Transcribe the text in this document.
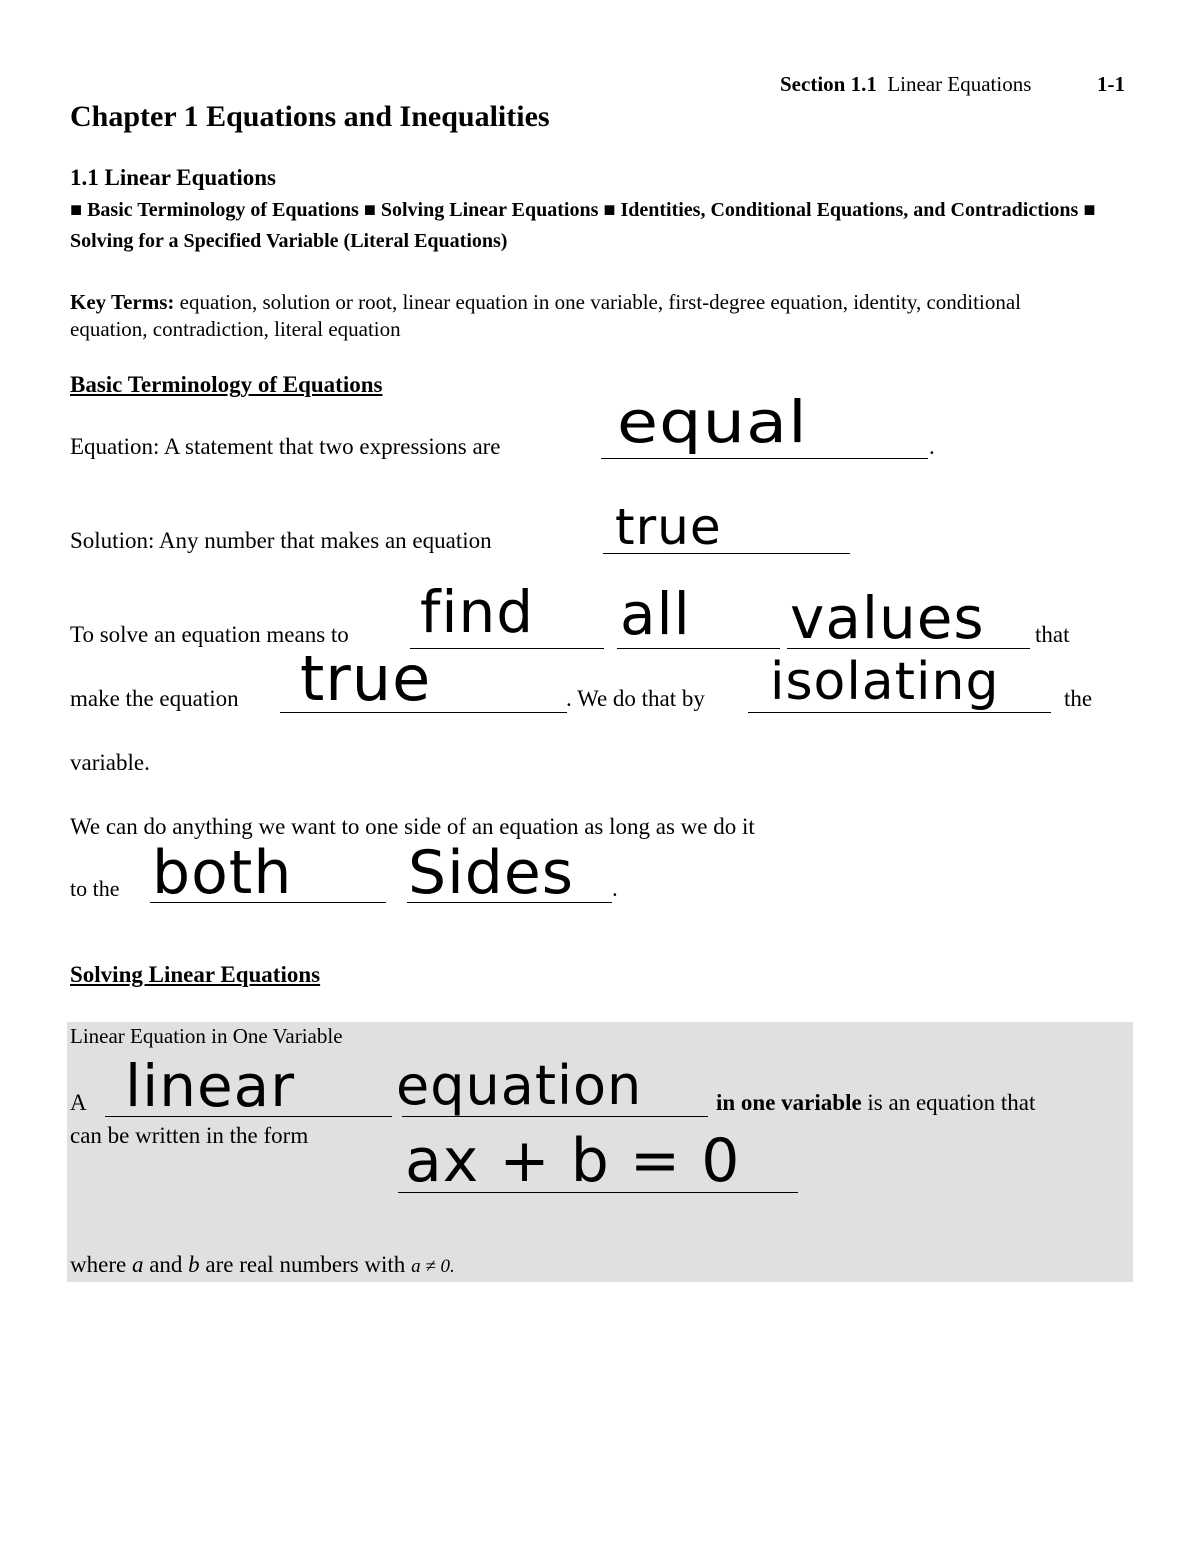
Section 1.1 Linear Equations	1-1
Chapter 1 Equations and Inequalities
1.1 Linear Equations
■ Basic Terminology of Equations ■ Solving Linear Equations ■ Identities, Conditional Equations, and Contradictions ■ Solving for a Specified Variable (Literal Equations)
Key Terms: equation, solution or root, linear equation in one variable, first-degree equation, identity, conditional equation, contradiction, literal equation
Basic Terminology of Equations
Equation: A statement that two expressions are equal	.
Solution: Any number that makes an equation true
To solve an equation means to find all values that
make the equation true	. We do that by isolating	the
variable.
We can do anything we want to one side of an equation as long as we do it
to the both Sides .
Solving Linear Equations
Linear Equation in One Variable
A linear equation	in one variable is an equation that
can be written in the form ax + b = 0
where a and b are real numbers with a ≠ 0.
